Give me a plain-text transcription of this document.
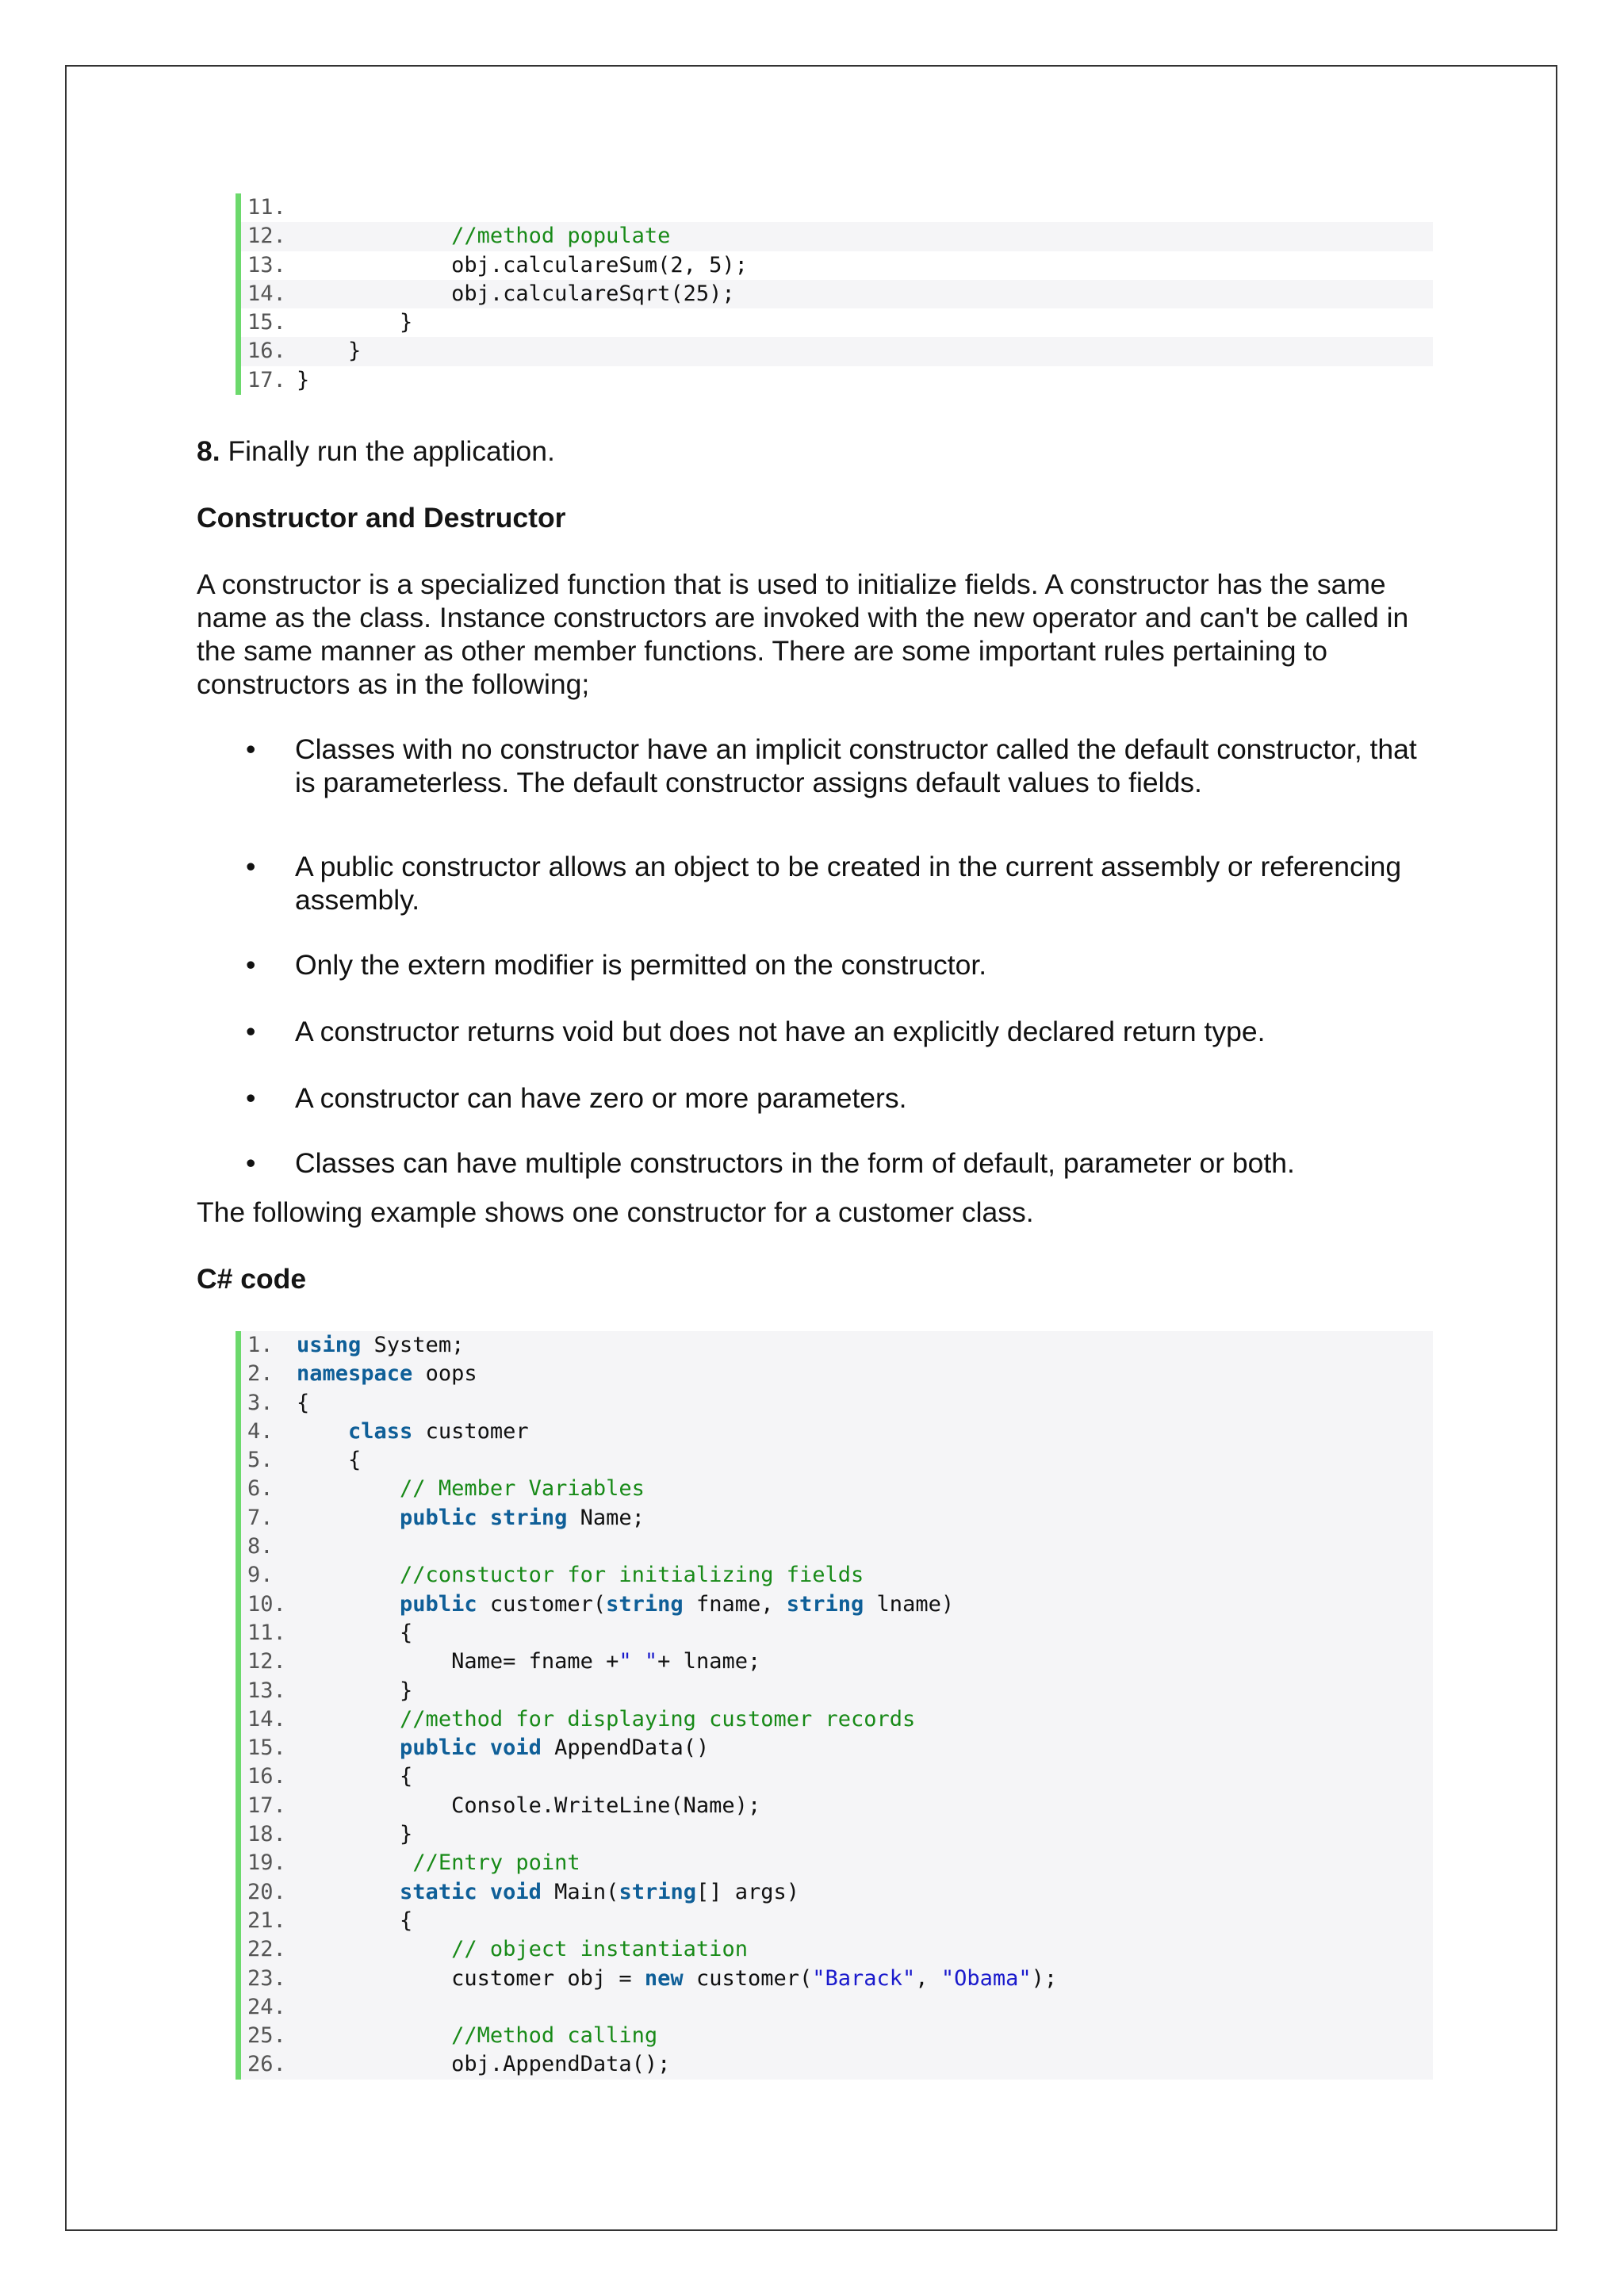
11.
12.	//method populate
13. obj.calculareSum(2, 5);
14. obj.calculareSqrt(25);
15. }
16. }
17. }
8. Finally run the application.
Constructor and Destructor
A constructor is a specialized function that is used to initialize fields. A constructor has the same name as the class. Instance constructors are invoked with the new operator and can't be called in the same manner as other member functions. There are some important rules pertaining to constructors as in the following;
• Classes with no constructor have an implicit constructor called the default constructor, that is parameterless. The default constructor assigns default values to fields.
• A public constructor allows an object to be created in the current assembly or referencing assembly.
• Only the extern modifier is permitted on the constructor.
• A constructor returns void but does not have an explicitly declared return type.
• A constructor can have zero or more parameters.
• Classes can have multiple constructors in the form of default, parameter or both.
The following example shows one constructor for a customer class.
C# code
1.	using System;
2.	namespace oops
3.	{
4.	class customer
5.	{
6.	// Member Variables
7.	public string Name;
8.
9.	//constuctor for initializing fields
10.	public customer(string fname, string lname)
11. {
12. Name= fname +" "+ lname;
13. }
14.	//method for displaying customer records
15.	public void AppendData()
16. {
17. Console.WriteLine(Name);
18. }
19.	//Entry point
20.	static void Main(string[] args)
21. {
22.	// object instantiation
23. customer obj = new customer("Barack", "Obama");
24.
25.	//Method calling
26. obj.AppendData();
